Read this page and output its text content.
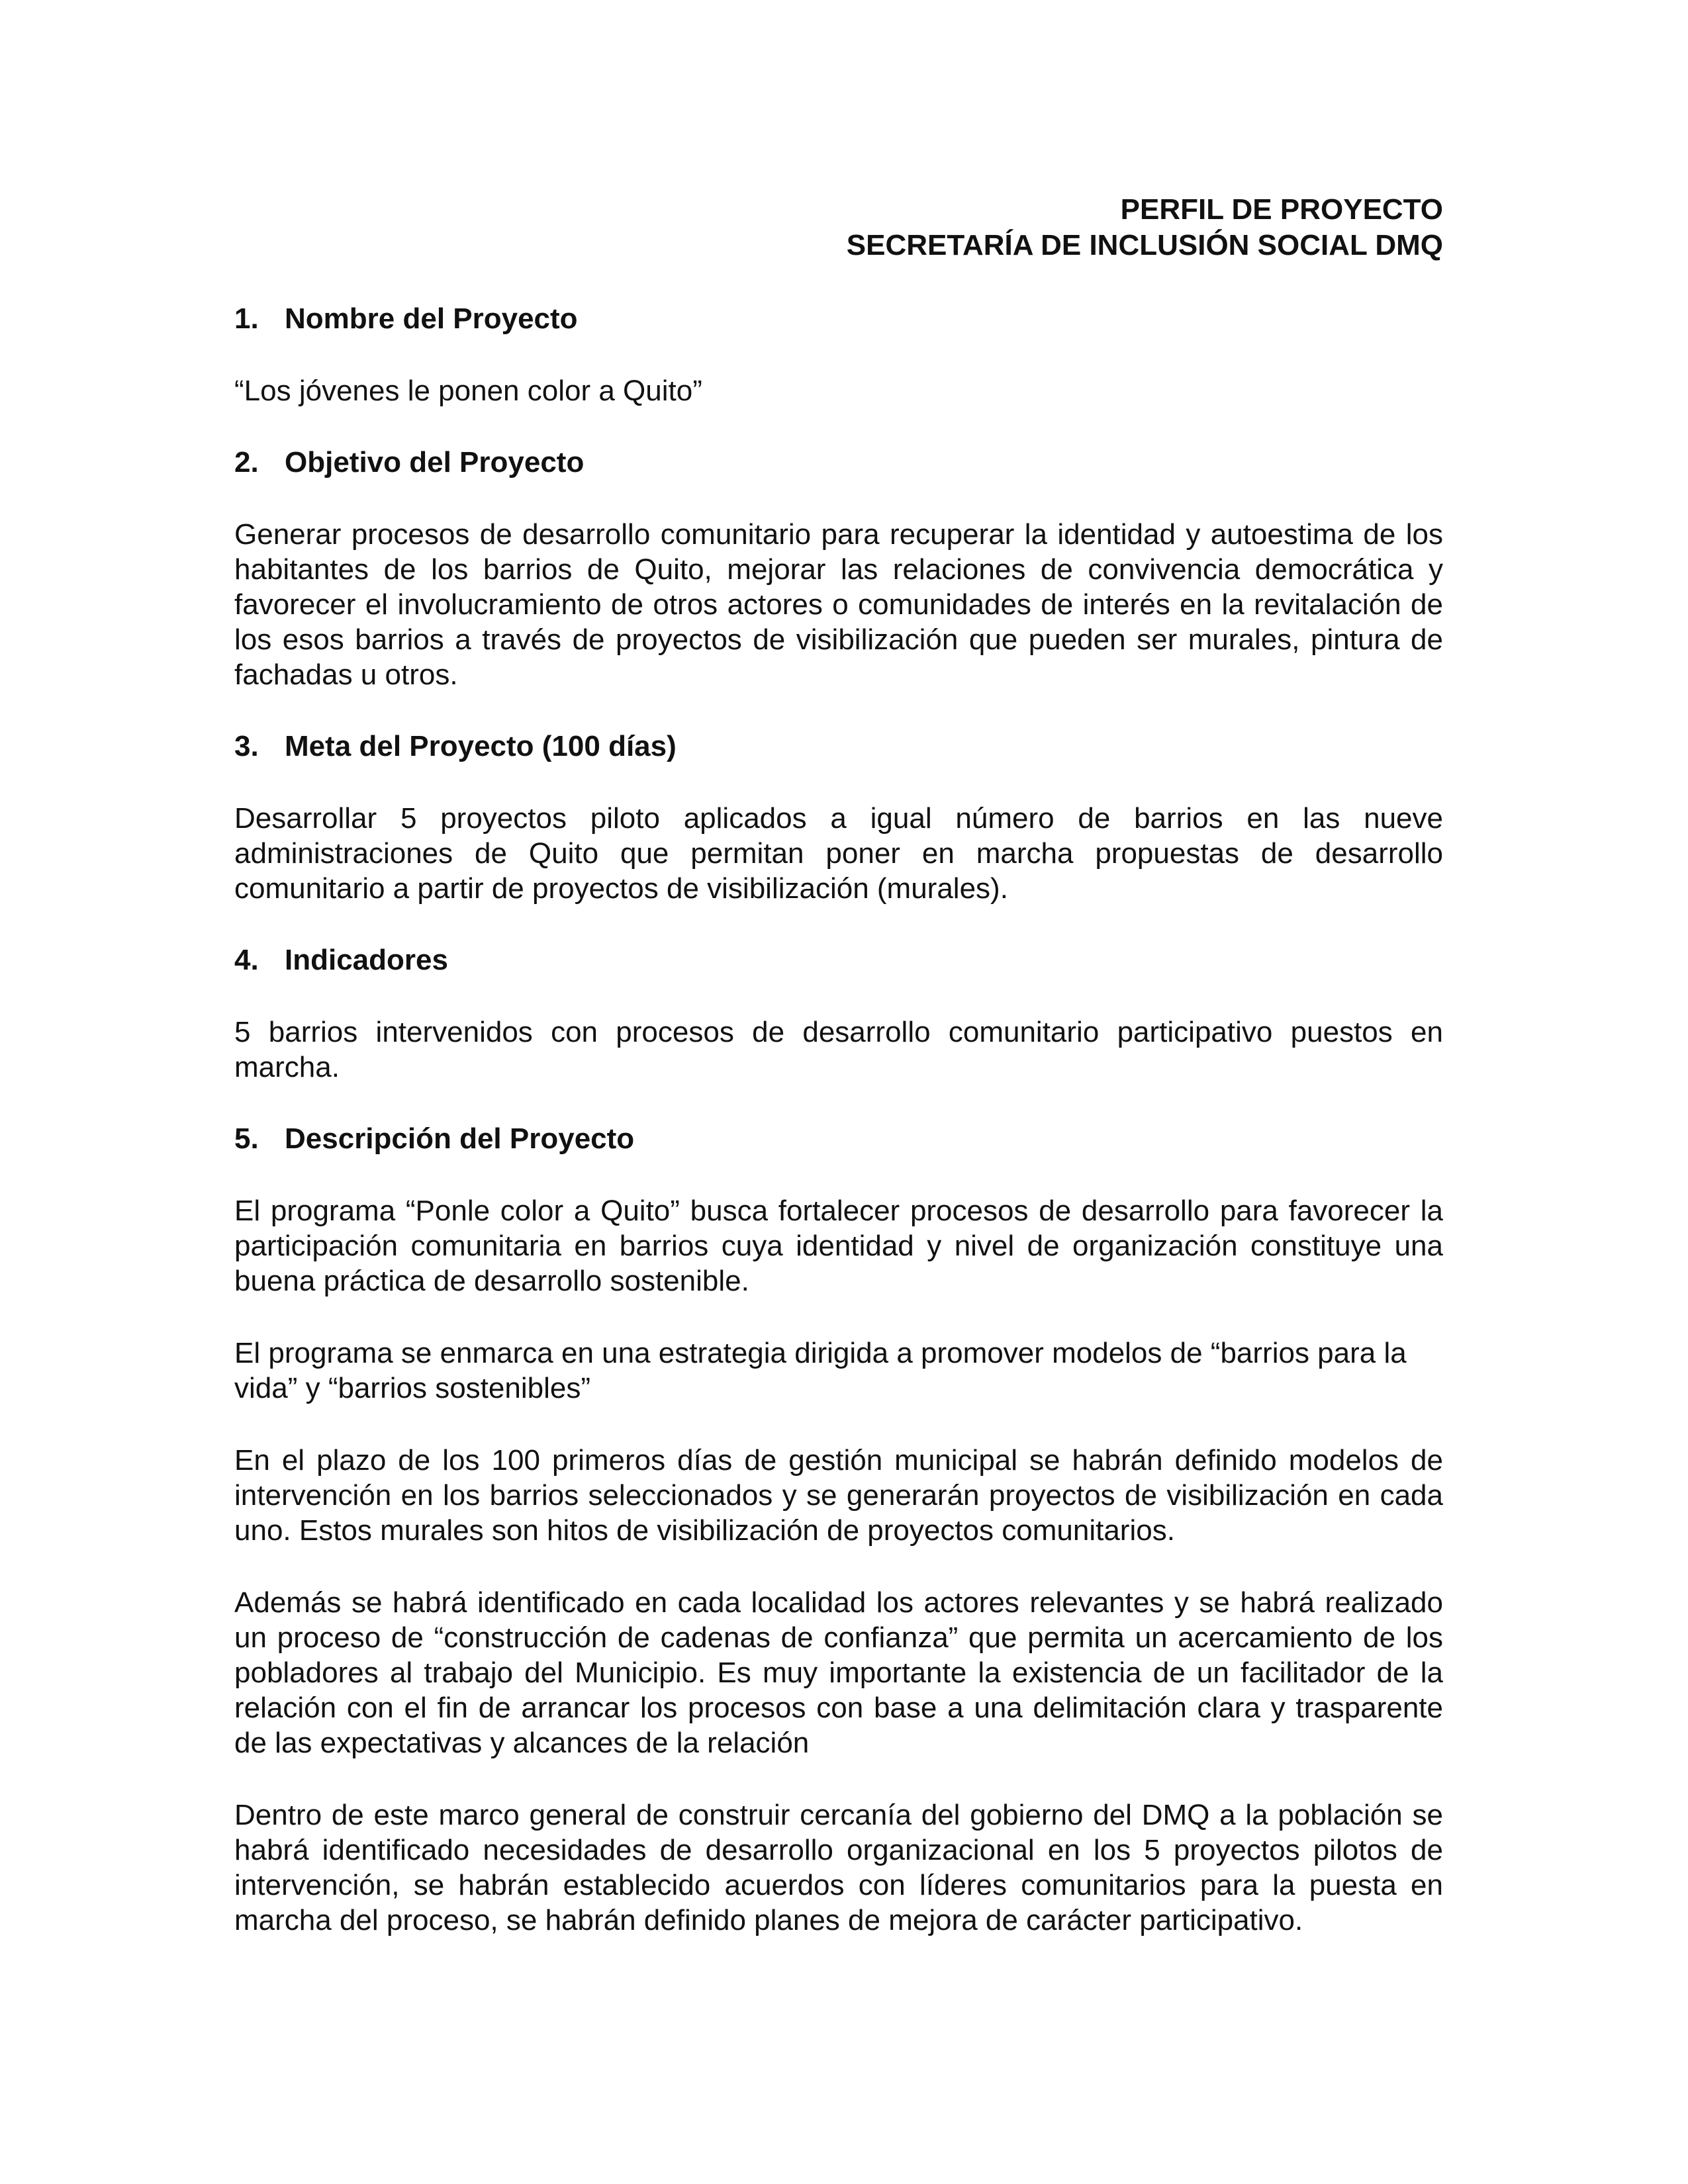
PERFIL DE PROYECTO
SECRETARÍA DE INCLUSIÓN SOCIAL DMQ

1. Nombre del Proyecto

“Los jóvenes le ponen color a Quito”

2. Objetivo del Proyecto

Generar procesos de desarrollo comunitario para recuperar la identidad y autoestima de los habitantes de los barrios de Quito, mejorar las relaciones de convivencia democrática y favorecer el involucramiento de otros actores o comunidades de interés en la revitalación de los esos barrios a través de proyectos de visibilización que pueden ser murales, pintura de fachadas u otros.

3. Meta del Proyecto (100 días)

Desarrollar 5 proyectos piloto aplicados a igual número de barrios en las nueve administraciones de Quito que permitan poner en marcha propuestas de desarrollo comunitario a partir de proyectos de visibilización (murales).

4. Indicadores

5 barrios intervenidos con procesos de desarrollo comunitario participativo puestos en marcha.

5. Descripción del Proyecto

El programa “Ponle color a Quito” busca fortalecer procesos de desarrollo para favorecer la participación comunitaria en barrios cuya identidad y nivel de organización constituye una buena práctica de desarrollo sostenible.

El programa se enmarca en una estrategia dirigida a promover modelos de “barrios para la vida” y “barrios sostenibles”

En el plazo de los 100 primeros días de gestión municipal se habrán definido modelos de intervención en los barrios seleccionados y se generarán proyectos de visibilización en cada uno. Estos murales son hitos de visibilización de proyectos comunitarios.

Además se habrá identificado en cada localidad los actores relevantes y se habrá realizado un proceso de “construcción de cadenas de confianza” que permita un acercamiento de los pobladores al trabajo del Municipio. Es muy importante la existencia de un facilitador de la relación con el fin de arrancar los procesos con base a una delimitación clara y trasparente de las expectativas y alcances de la relación

Dentro de este marco general de construir cercanía del gobierno del DMQ a la población se habrá identificado necesidades de desarrollo organizacional en los 5 proyectos pilotos de intervención, se habrán establecido acuerdos con líderes comunitarios para la puesta en marcha del proceso, se habrán definido planes de mejora de carácter participativo.
